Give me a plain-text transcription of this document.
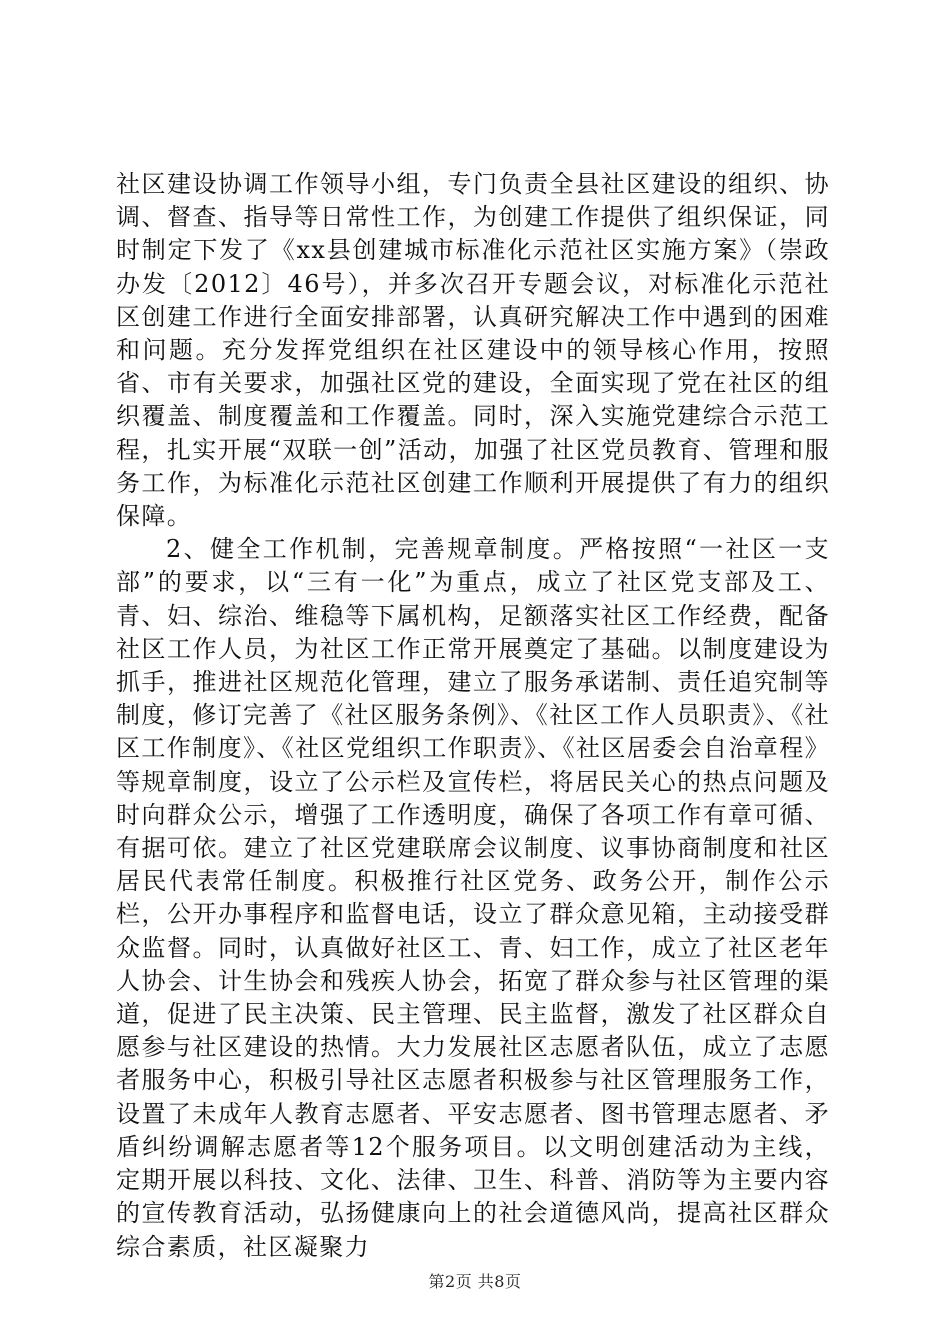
社区建设协调工作领导小组，专门负责全县社区建设的组织、协调、督查、指导等日常性工作，为创建工作提供了组织保证，同时制定下发了《xx县创建城市标准化示范社区实施方案》（崇政办发〔2012〕46号），并多次召开专题会议，对标准化示范社区创建工作进行全面安排部署，认真研究解决工作中遇到的困难和问题。充分发挥党组织在社区建设中的领导核心作用，按照省、市有关要求，加强社区党的建设，全面实现了党在社区的组织覆盖、制度覆盖和工作覆盖。同时，深入实施党建综合示范工程，扎实开展“双联一创”活动，加强了社区党员教育、管理和服务工作，为标准化示范社区创建工作顺利开展提供了有力的组织保障。

2、健全工作机制，完善规章制度。严格按照“一社区一支部”的要求，以“三有一化”为重点，成立了社区党支部及工、青、妇、综治、维稳等下属机构，足额落实社区工作经费，配备社区工作人员，为社区工作正常开展奠定了基础。以制度建设为抓手，推进社区规范化管理，建立了服务承诺制、责任追究制等制度，修订完善了《社区服务条例》、《社区工作人员职责》、《社区工作制度》、《社区党组织工作职责》、《社区居委会自治章程》等规章制度，设立了公示栏及宣传栏，将居民关心的热点问题及时向群众公示，增强了工作透明度，确保了各项工作有章可循、有据可依。建立了社区党建联席会议制度、议事协商制度和社区居民代表常任制度。积极推行社区党务、政务公开，制作公示栏，公开办事程序和监督电话，设立了群众意见箱，主动接受群众监督。同时，认真做好社区工、青、妇工作，成立了社区老年人协会、计生协会和残疾人协会，拓宽了群众参与社区管理的渠道，促进了民主决策、民主管理、民主监督，激发了社区群众自愿参与社区建设的热情。大力发展社区志愿者队伍，成立了志愿者服务中心，积极引导社区志愿者积极参与社区管理服务工作，设置了未成年人教育志愿者、平安志愿者、图书管理志愿者、矛盾纠纷调解志愿者等12个服务项目。以文明创建活动为主线，定期开展以科技、文化、法律、卫生、科普、消防等为主要内容的宣传教育活动，弘扬健康向上的社会道德风尚，提高社区群众综合素质，社区凝聚力

第2页 共8页
